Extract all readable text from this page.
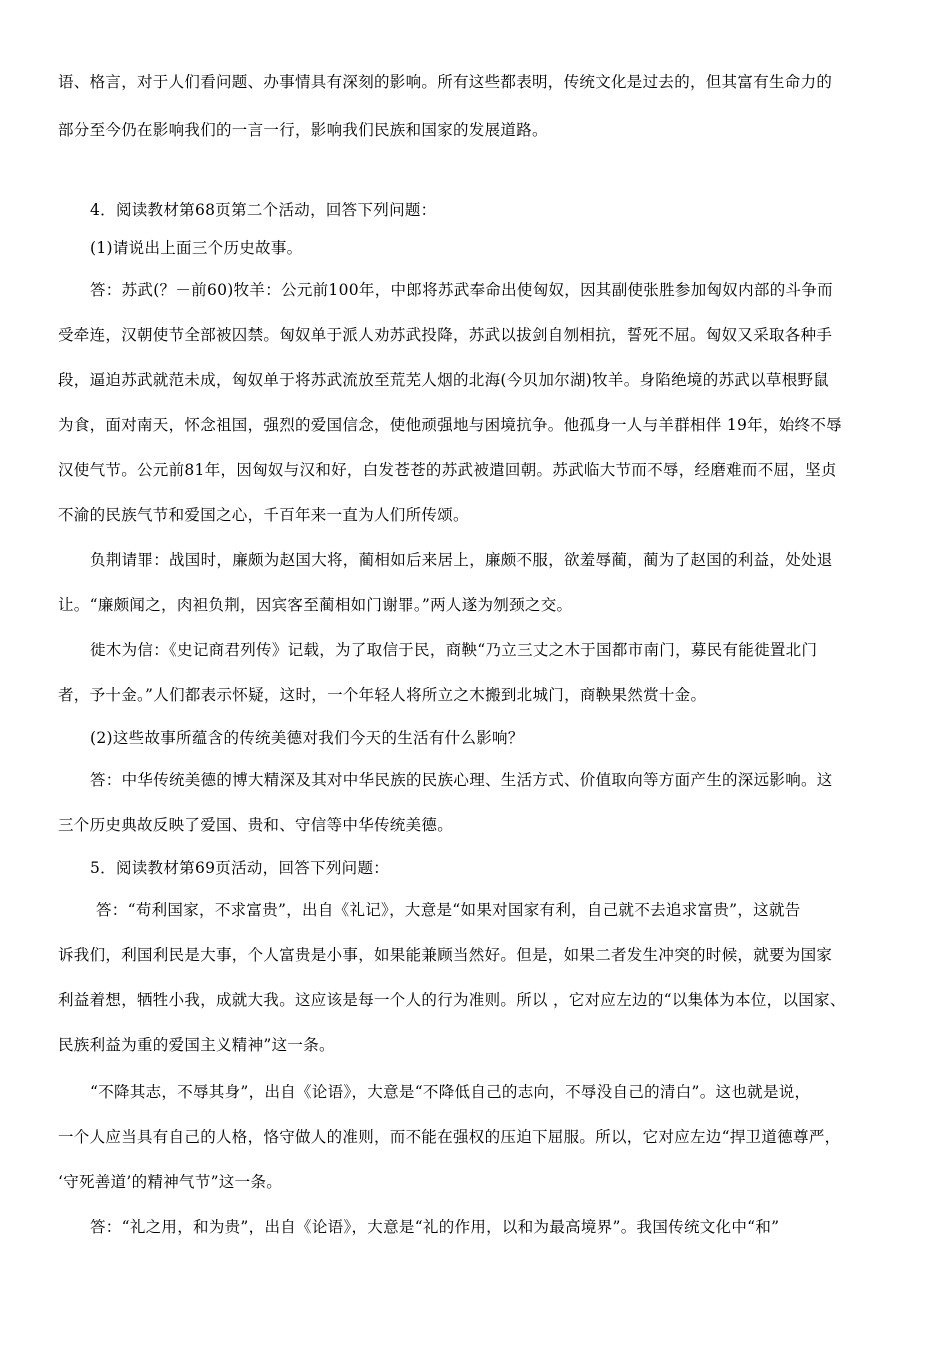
语、格言，对于人们看问题、办事情具有深刻的影响。所有这些都表明，传统文化是过去的，但其富有生命力的
部分至今仍在影响我们的一言一行，影响我们民族和国家的发展道路。
4．阅读教材第68页第二个活动，回答下列问题：
(1)请说出上面三个历史故事。
答：苏武(？－前60)牧羊：公元前100年，中郎将苏武奉命出使匈奴，因其副使张胜参加匈奴内部的斗争而
受牵连，汉朝使节全部被囚禁。匈奴单于派人劝苏武投降，苏武以拔剑自刎相抗，誓死不屈。匈奴又采取各种手
段，逼迫苏武就范未成，匈奴单于将苏武流放至荒芜人烟的北海(今贝加尔湖)牧羊。身陷绝境的苏武以草根野鼠
为食，面对南天，怀念祖国，强烈的爱国信念，使他顽强地与困境抗争。他孤身一人与羊群相伴 19年，始终不辱
汉使气节。公元前81年，因匈奴与汉和好，白发苍苍的苏武被遣回朝。苏武临大节而不辱，经磨难而不屈，坚贞
不渝的民族气节和爱国之心，千百年来一直为人们所传颂。
负荆请罪：战国时，廉颇为赵国大将，蔺相如后来居上，廉颇不服，欲羞辱蔺，蔺为了赵国的利益，处处退
让。“廉颇闻之，肉袒负荆，因宾客至蔺相如门谢罪。”两人遂为刎颈之交。
徙木为信：《史记商君列传》记载，为了取信于民，商鞅“乃立三丈之木于国都市南门，募民有能徙置北门
者，予十金。”人们都表示怀疑，这时，一个年轻人将所立之木搬到北城门，商鞅果然赏十金。
(2)这些故事所蕴含的传统美德对我们今天的生活有什么影响？
答：中华传统美德的博大精深及其对中华民族的民族心理、生活方式、价值取向等方面产生的深远影响。这
三个历史典故反映了爱国、贵和、守信等中华传统美德。
5．阅读教材第69页活动，回答下列问题：
答：“苟利国家，不求富贵”，出自《礼记》，大意是“如果对国家有利，自己就不去追求富贵”，这就告
诉我们，利国利民是大事，个人富贵是小事，如果能兼顾当然好。但是，如果二者发生冲突的时候，就要为国家
利益着想，牺牲小我，成就大我。这应该是每一个人的行为准则。所以 ，它对应左边的“以集体为本位，以国家、
民族利益为重的爱国主义精神”这一条。
“不降其志，不辱其身”，出自《论语》，大意是“不降低自己的志向，不辱没自己的清白”。这也就是说，
一个人应当具有自己的人格，恪守做人的准则，而不能在强权的压迫下屈服。所以，它对应左边“捍卫道德尊严，
‘守死善道’的精神气节”这一条。
答：“礼之用，和为贵”，出自《论语》，大意是“礼的作用，以和为最高境界”。我国传统文化中“和”
